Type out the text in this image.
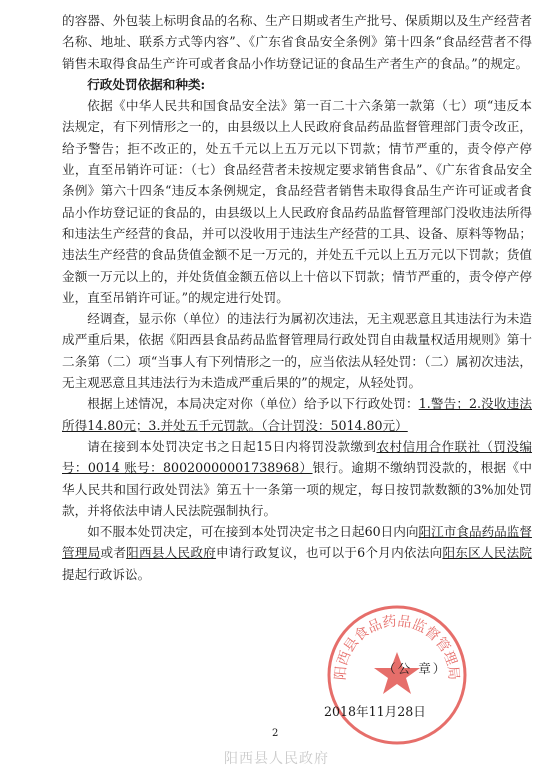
的容器、外包装上标明食品的名称、生产日期或者生产批号、保质期以及生产经营者名称、地址、联系方式等内容”、《广东省食品安全条例》第十四条“食品经营者不得销售未取得食品生产许可或者食品小作坊登记证的食品生产者生产的食品。”的规定。

行政处罚依据和种类:

依据《中华人民共和国食品安全法》第一百二十六条第一款第（七）项“违反本法规定，有下列情形之一的，由县级以上人民政府食品药品监督管理部门责令改正，给予警告；拒不改正的，处五千元以上五万元以下罚款；情节严重的，责令停产停业，直至吊销许可证：（七）食品经营者未按规定要求销售食品”、《广东省食品安全条例》第六十四条“违反本条例规定，食品经营者销售未取得食品生产许可证或者食品小作坊登记证的食品的，由县级以上人民政府食品药品监督管理部门没收违法所得和违法生产经营的食品，并可以没收用于违法生产经营的工具、设备、原料等物品；违法生产经营的食品货值金额不足一万元的，并处五千元以上五万元以下罚款；货值金额一万元以上的，并处货值金额五倍以上十倍以下罚款；情节严重的，责令停产停业，直至吊销许可证。”的规定进行处罚。

经调查，显示你（单位）的违法行为属初次违法，无主观恶意且其违法行为未造成严重后果，依据《阳西县食品药品监督管理局行政处罚自由裁量权适用规则》第十二条第（二）项“当事人有下列情形之一的，应当依法从轻处罚：（二）属初次违法，无主观恶意且其违法行为未造成严重后果的”的规定，从轻处罚。

根据上述情况，本局决定对你（单位）给予以下行政处罚：1.警告；2.没收违法所得14.80元；3.并处五千元罚款。（合计罚没：5014.80元）

请在接到本处罚决定书之日起15日内将罚没款缴到农村信用合作联社（罚没编号：0014 账号：80020000001738968）银行。逾期不缴纳罚没款的，根据《中华人民共和国行政处罚法》第五十一条第一项的规定，每日按罚款数额的3%加处罚款，并将依法申请人民法院强制执行。

如不服本处罚决定，可在接到本处罚决定书之日起60日内向阳江市食品药品监督管理局或者阳西县人民政府申请行政复议，也可以于6个月内依法向阳东区人民法院提起行政诉讼。

阳西县食品药品监督管理局
（公 章）
2018年11月28日
2
阳西县人民政府
